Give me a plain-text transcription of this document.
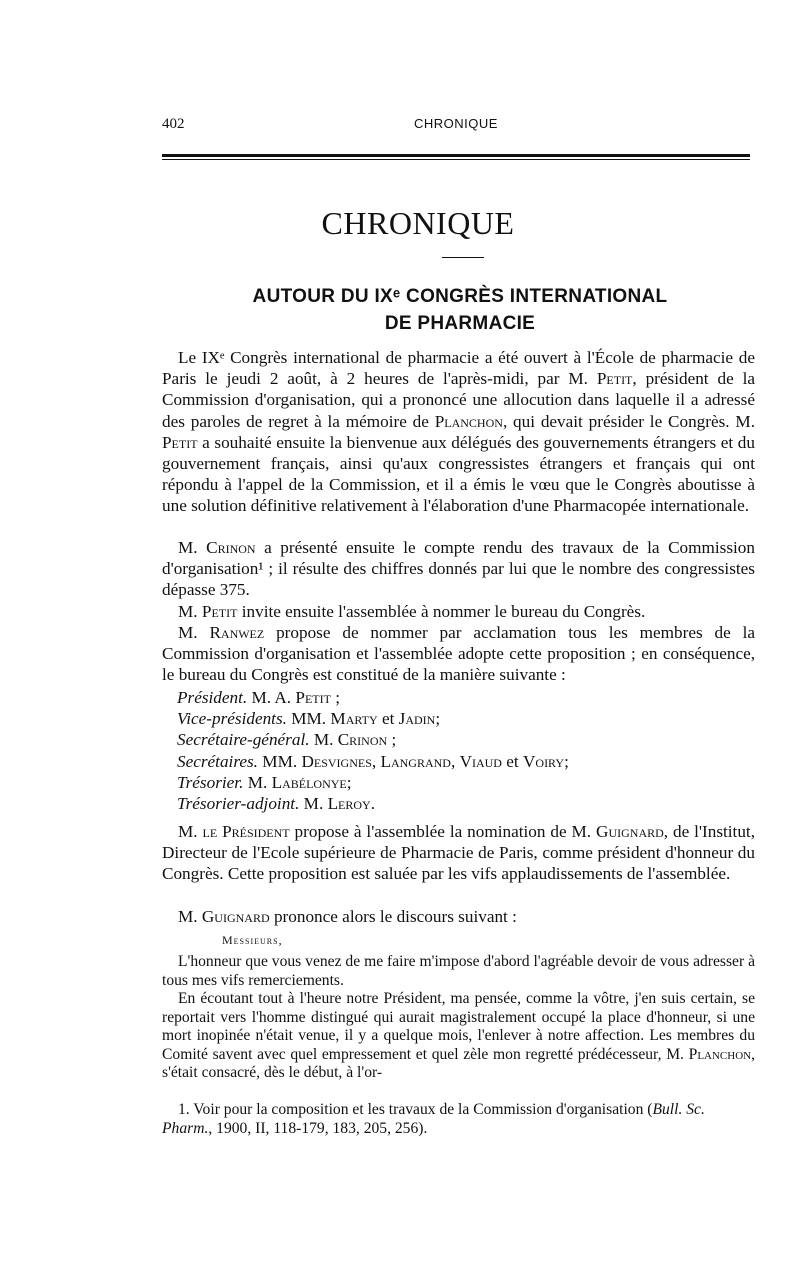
402	CHRONIQUE
CHRONIQUE
AUTOUR DU IXᵉ CONGRÈS INTERNATIONAL
DE PHARMACIE
Le IXᵉ Congrès international de pharmacie a été ouvert à l'École de pharmacie de Paris le jeudi 2 août, à 2 heures de l'après-midi, par M. Petit, président de la Commission d'organisation, qui a prononcé une allocution dans laquelle il a adressé des paroles de regret à la mémoire de Planchon, qui devait présider le Congrès. M. Petit a souhaité ensuite la bienvenue aux délégués des gouvernements étrangers et du gouvernement français, ainsi qu'aux congressistes étrangers et français qui ont répondu à l'appel de la Commission, et il a émis le vœu que le Congrès aboutisse à une solution définitive relativement à l'élaboration d'une Pharmacopée internationale.
M. Crinon a présenté ensuite le compte rendu des travaux de la Commission d'organisation¹ ; il résulte des chiffres donnés par lui que le nombre des congressistes dépasse 375.
M. Petit invite ensuite l'assemblée à nommer le bureau du Congrès.
M. Ranwez propose de nommer par acclamation tous les membres de la Commission d'organisation et l'assemblée adopte cette proposition ; en conséquence, le bureau du Congrès est constitué de la manière suivante :
Président. M. A. Petit ;
Vice-présidents. MM. Marty et Jadin;
Secrétaire-général. M. Crinon ;
Secrétaires. MM. Desvignes, Langrand, Viaud et Voiry;
Trésorier. M. Labélonye;
Trésorier-adjoint. M. Leroy.
M. le Président propose à l'assemblée la nomination de M. Guignard, de l'Institut, Directeur de l'Ecole supérieure de Pharmacie de Paris, comme président d'honneur du Congrès. Cette proposition est saluée par les vifs applaudissements de l'assemblée.
M. Guignard prononce alors le discours suivant :
Messieurs,
L'honneur que vous venez de me faire m'impose d'abord l'agréable devoir de vous adresser à tous mes vifs remerciements.
En écoutant tout à l'heure notre Président, ma pensée, comme la vôtre, j'en suis certain, se reportait vers l'homme distingué qui aurait magistralement occupé la place d'honneur, si une mort inopinée n'était venue, il y a quelque mois, l'enlever à notre affection. Les membres du Comité savent avec quel empressement et quel zèle mon regretté prédécesseur, M. Planchon, s'était consacré, dès le début, à l'or-
1. Voir pour la composition et les travaux de la Commission d'organisation (Bull. Sc. Pharm., 1900, II, 118-179, 183, 205, 256).
